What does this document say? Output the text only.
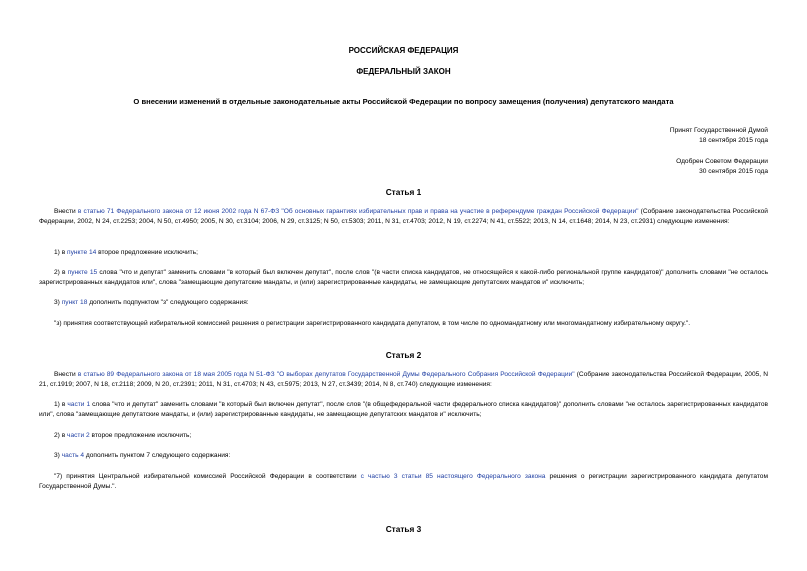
РОССИЙСКАЯ ФЕДЕРАЦИЯ
ФЕДЕРАЛЬНЫЙ ЗАКОН
О внесении изменений в отдельные законодательные акты Российской Федерации по вопросу замещения (получения) депутатского мандата
Принят Государственной Думой
18 сентября 2015 года
Одобрен Советом Федерации
30 сентября 2015 года
Статья 1
Внести в статью 71 Федерального закона от 12 июня 2002 года N 67-ФЗ "Об основных гарантиях избирательных прав и права на участие в референдуме граждан Российской Федерации" (Собрание законодательства Российской Федерации, 2002, N 24, ст.2253; 2004, N 50, ст.4950; 2005, N 30, ст.3104; 2006, N 29, ст.3125; N 50, ст.5303; 2011, N 31, ст.4703; 2012, N 19, ст.2274; N 41, ст.5522; 2013, N 14, ст.1648; 2014, N 23, ст.2931) следующие изменения:
1) в пункте 14 второе предложение исключить;
2) в пункте 15 слова "что и депутат" заменить словами "в который был включен депутат", после слов "(в части списка кандидатов, не относящейся к какой-либо региональной группе кандидатов)" дополнить словами "не осталось зарегистрированных кандидатов или", слова "замещающие депутатские мандаты, и (или) зарегистрированные кандидаты, не замещающие депутатских мандатов и" исключить;
3) пункт 18 дополнить подпунктом "з" следующего содержания:
"з) принятия соответствующей избирательной комиссией решения о регистрации зарегистрированного кандидата депутатом, в том числе по одномандатному или многомандатному избирательному округу.".
Статья 2
Внести в статью 89 Федерального закона от 18 мая 2005 года N 51-ФЗ "О выборах депутатов Государственной Думы Федерального Собрания Российской Федерации" (Собрание законодательства Российской Федерации, 2005, N 21, ст.1919; 2007, N 18, ст.2118; 2009, N 20, ст.2391; 2011, N 31, ст.4703; N 43, ст.5975; 2013, N 27, ст.3439; 2014, N 8, ст.740) следующие изменения:
1) в части 1 слова "что и депутат" заменить словами "в который был включен депутат", после слов "(в общефедеральной части федерального списка кандидатов)" дополнить словами "не осталось зарегистрированных кандидатов или", слова "замещающие депутатские мандаты, и (или) зарегистрированные кандидаты, не замещающие депутатских мандатов и" исключить;
2) в части 2 второе предложение исключить;
3) часть 4 дополнить пунктом 7 следующего содержания:
"7) принятия Центральной избирательной комиссией Российской Федерации в соответствии с частью 3 статьи 85 настоящего Федерального закона решения о регистрации зарегистрированного кандидата депутатом Государственной Думы.".
Статья 3
